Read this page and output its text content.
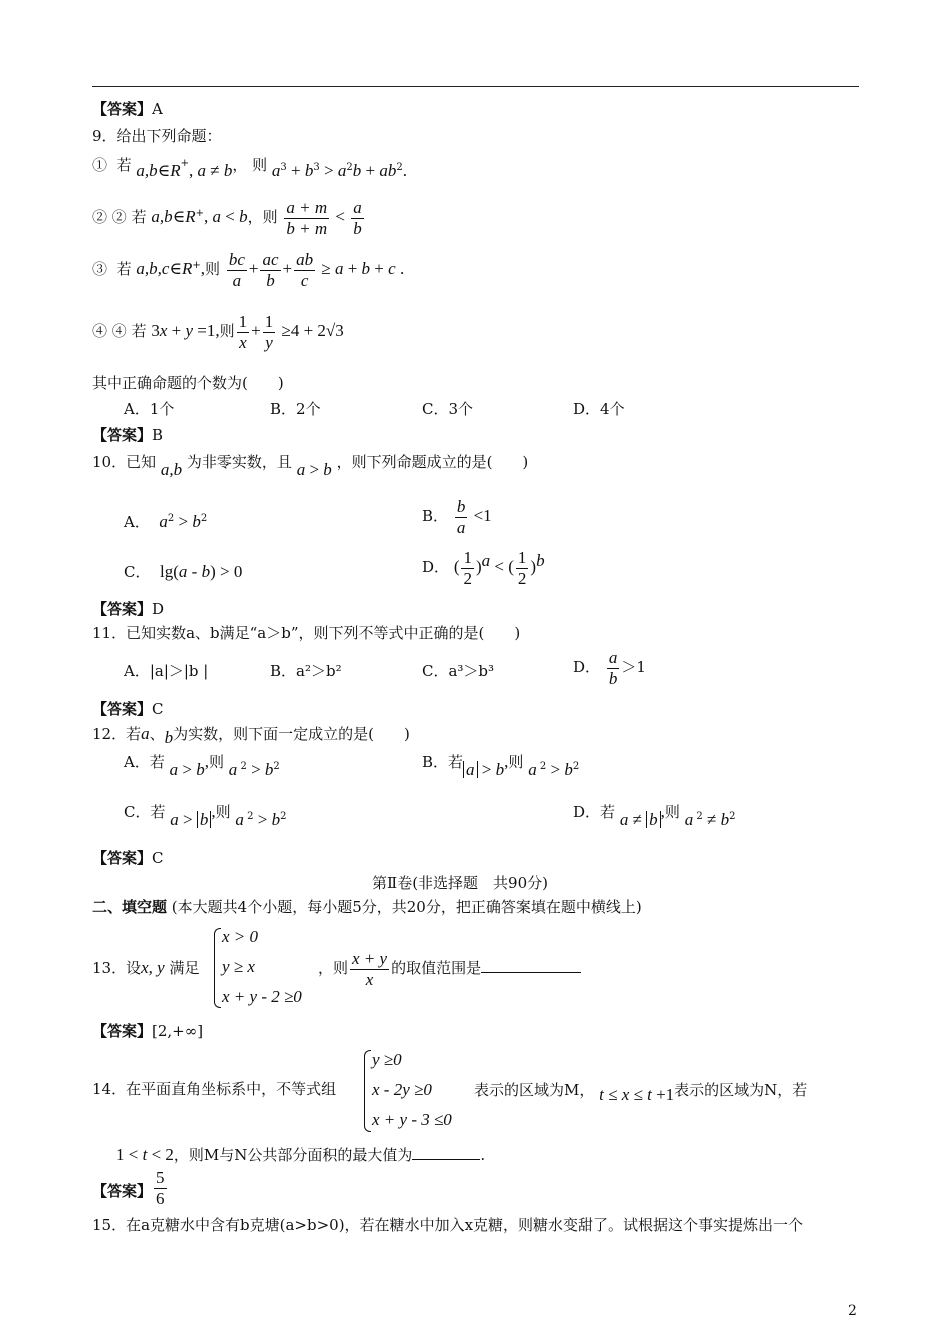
【答案】A
9．给出下列命题：
① 若 a,b∈R+, a ≠ b， 则 $a^3 + b^3 > a^2b + ab^2$.
② ② 若 a,b∈R+, a < b，则 $\frac{a + m}{b + m} < \frac{a}{b}$
③ 若 a,b,c∈R+,则 $\frac{bc}{a} + \frac{ac}{b} + \frac{ab}{c} \ge a + b + c$ .
④ ④ 若 3x + y =1,则 $\frac{1}{x} + \frac{1}{y} \ge 4 + 2√3$
其中正确命题的个数为(　　)
A．1个	B．2个	C．3个	D．4个
【答案】B
10．已知 a,b 为非零实数，且 a > b ，则下列命题成立的是(　　)
A． $a^2 > b^2$	B． $\frac{b}{a} <1$
C． lg(a - b) > 0	D． ( $\frac{1}{2} )^a$ < ( $\frac{1}{2} )^b$
【答案】D
11．已知实数a、b满足“a＞b”，则下列不等式中正确的是(　　)
A．|a|＞|b |	B．a²＞b²	C．a³＞b³	D． $\frac{a}{b} >1$
【答案】C
12．若a、b为实数，则下面一定成立的是(　　)
A．若 a > b,则 a $^2 > b^2$	B．若 a > b,则 a $^2 > b^2$
C．若 a > b ,则 a $^2 > b^2$	D．若 a ≠ b ,则 a $^2 \ne b^2$
【答案】C
第Ⅱ卷(非选择题　共90分)
二、填空题 (本大题共4个小题，每小题5分，共20分，把正确答案填在题中横线上)
13．设x, y 满足
x > 0
y ≥ x
x + y - 2 ≥0
，则 $\frac{x + y}{x}$ 的取值范围是
【答案】[2,+∞]
14．在平面直角坐标系中，不等式组
y ≥0
x - 2y ≥0
x + y - 3 ≤0
表示的区域为M， t ≤ x ≤ t +1表示的区域为N，若
1 < t < 2，则M与N公共部分面积的最大值为	.
【答案】 $\frac{5}{6}$
15．在a克糖水中含有b克塘(a>b>0)，若在糖水中加入x克糖，则糖水变甜了。试根据这个事实提炼出一个
2
